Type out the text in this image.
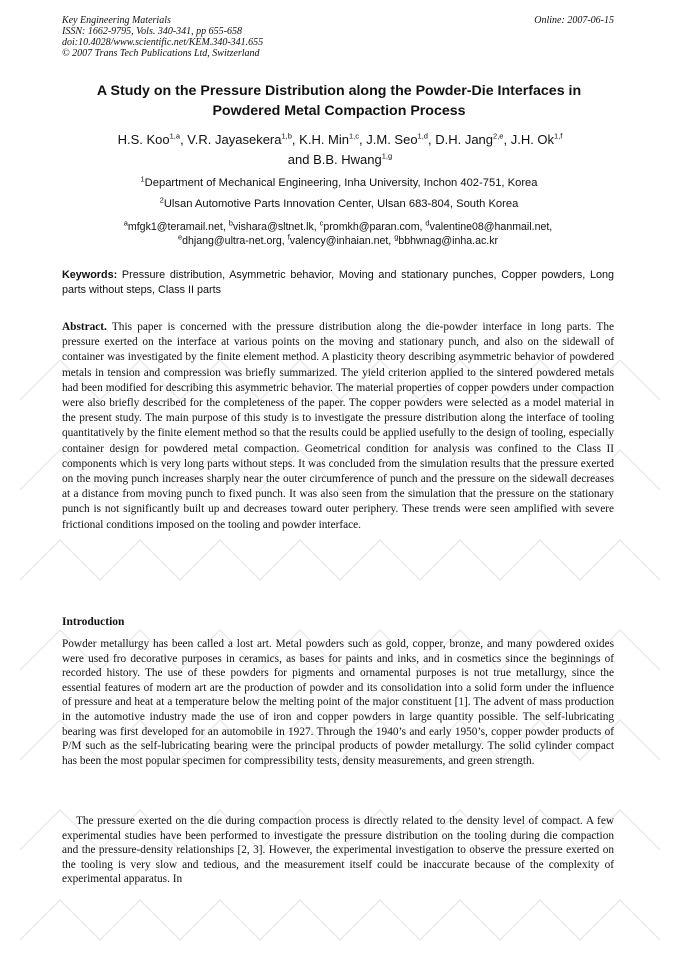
Key Engineering Materials
ISSN: 1662-9795, Vols. 340-341, pp 655-658
doi:10.4028/www.scientific.net/KEM.340-341.655
© 2007 Trans Tech Publications Ltd, Switzerland
Online: 2007-06-15
A Study on the Pressure Distribution along the Powder-Die Interfaces in
Powdered Metal Compaction Process
H.S. Koo$^{1,a}$, V.R. Jayasekera$^{1,b}$, K.H. Min$^{1,c}$, J.M. Seo$^{1,d}$, D.H. Jang$^{2,e}$, J.H. Ok$^{1,f}$
and B.B. Hwang$^{1,g}$
$^1$Department of Mechanical Engineering, Inha University, Inchon 402-751, Korea
$^2$Ulsan Automotive Parts Innovation Center, Ulsan 683-804, South Korea
$^a$mfgk1@teramail.net, $^b$vishara@sltnet.lk, $^c$promkh@paran.com, $^d$valentine08@hanmail.net,
$^e$dhjang@ultra-net.org, $^f$valency@inhaian.net, $^g$bbhwnag@inha.ac.kr
Keywords: Pressure distribution, Asymmetric behavior, Moving and stationary punches, Copper powders, Long parts without steps, Class II parts

Abstract. This paper is concerned with the pressure distribution along the die-powder interface in long parts. The pressure exerted on the interface at various points on the moving and stationary punch, and also on the sidewall of container was investigated by the finite element method. A plasticity theory describing asymmetric behavior of powdered metals in tension and compression was briefly summarized. The yield criterion applied to the sintered powdered metals had been modified for describing this asymmetric behavior. The material properties of copper powders under compaction were also briefly described for the completeness of the paper. The copper powders were selected as a model material in the present study. The main purpose of this study is to investigate the pressure distribution along the interface of tooling quantitatively by the finite element method so that the results could be applied usefully to the design of tooling, especially container design for powdered metal compaction. Geometrical condition for analysis was confined to the Class II components which is very long parts without steps. It was concluded from the simulation results that the pressure exerted on the moving punch increases sharply near the outer circumference of punch and the pressure on the sidewall decreases at a distance from moving punch to fixed punch. It was also seen from the simulation that the pressure on the stationary punch is not significantly built up and decreases toward outer periphery. These trends were seen amplified with severe frictional conditions imposed on the tooling and powder interface.

Introduction

Powder metallurgy has been called a lost art. Metal powders such as gold, copper, bronze, and many powdered oxides were used fro decorative purposes in ceramics, as bases for paints and inks, and in cosmetics since the beginnings of recorded history. The use of these powders for pigments and ornamental purposes is not true metallurgy, since the essential features of modern art are the production of powder and its consolidation into a solid form under the influence of pressure and heat at a temperature below the melting point of the major constituent [1]. The advent of mass production in the automotive industry made the use of iron and copper powders in large quantity possible. The self-lubricating bearing was first developed for an automobile in 1927. Through the 1940’s and early 1950’s, copper powder products of P/M such as the self-lubricating bearing were the principal products of powder metallurgy. The solid cylinder compact has been the most popular specimen for compressibility tests, density measurements, and green strength.

The pressure exerted on the die during compaction process is directly related to the density level of compact. A few experimental studies have been performed to investigate the pressure distribution on the tooling during die compaction and the pressure-density relationships [2, 3]. However, the experimental investigation to observe the pressure exerted on the tooling is very slow and tedious, and the measurement itself could be inaccurate because of the complexity of experimental apparatus. In
